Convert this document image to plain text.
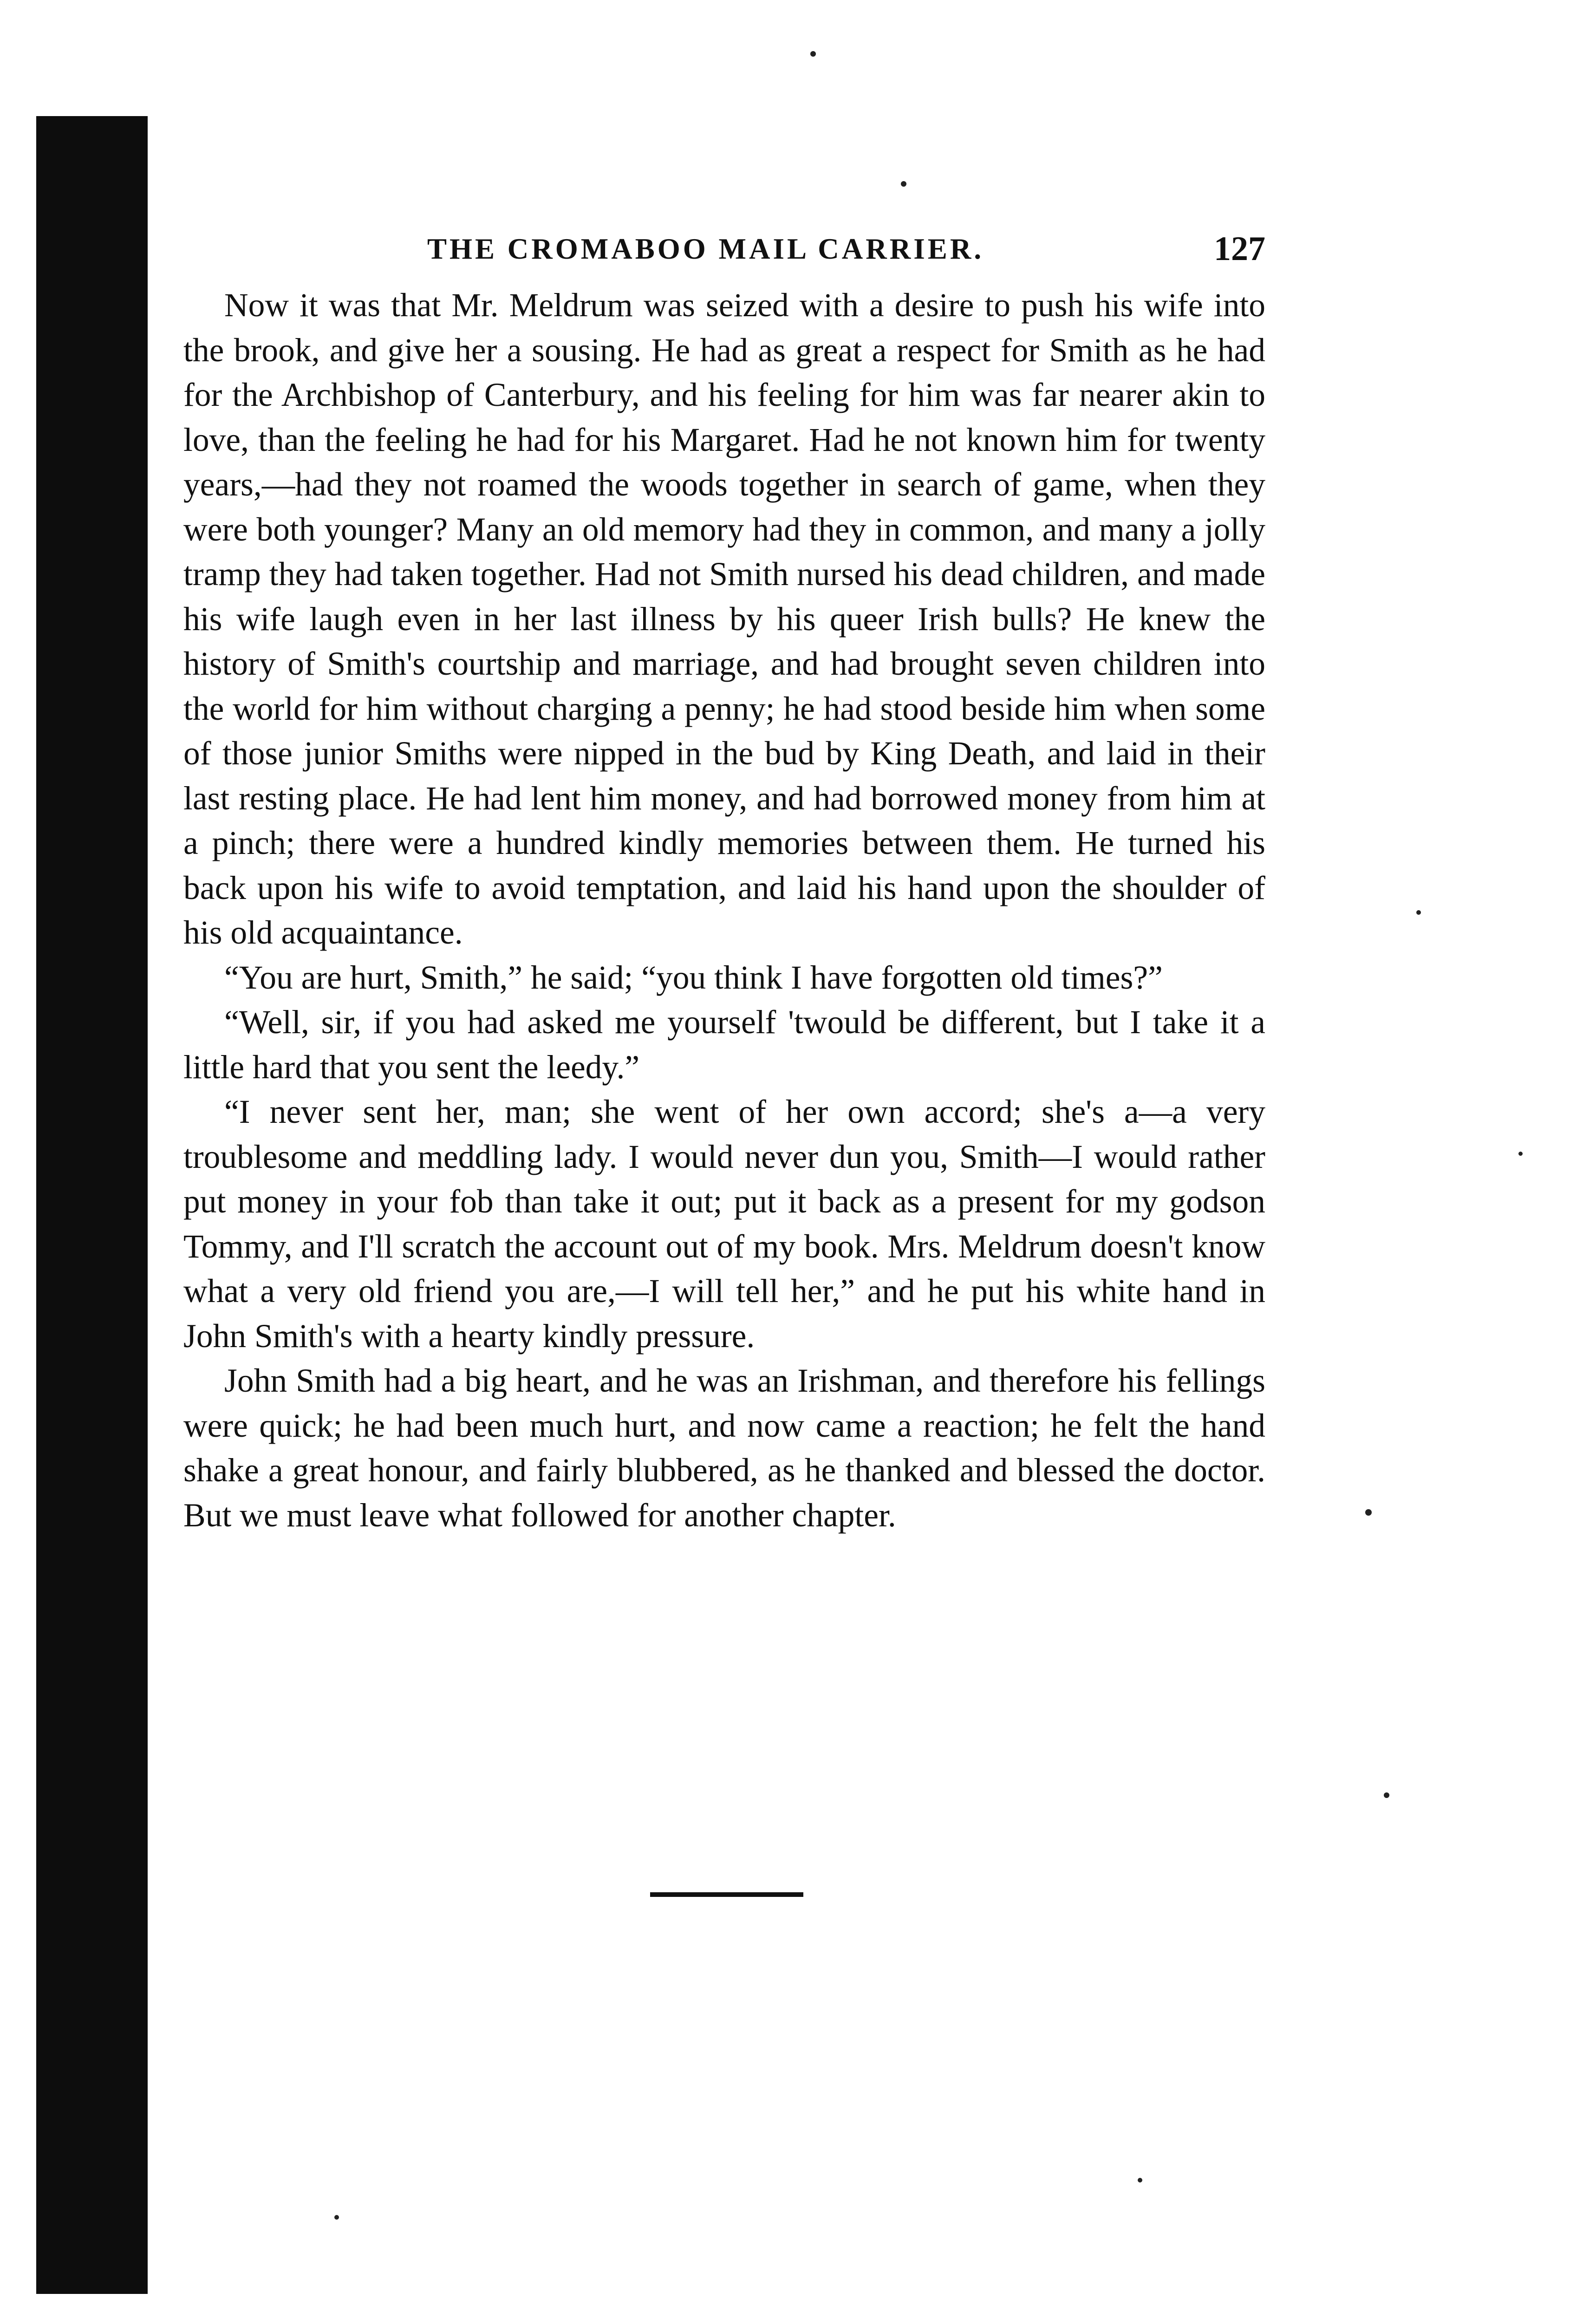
THE CROMABOO MAIL CARRIER.	127

Now it was that Mr. Meldrum was seized with a desire to push his wife into the brook, and give her a sousing. He had as great a respect for Smith as he had for the Archbishop of Canterbury, and his feeling for him was far nearer akin to love, than the feeling he had for his Margaret. Had he not known him for twenty years,—had they not roamed the woods together in search of game, when they were both younger? Many an old memory had they in common, and many a jolly tramp they had taken together. Had not Smith nursed his dead children, and made his wife laugh even in her last illness by his queer Irish bulls? He knew the history of Smith's courtship and marriage, and had brought seven children into the world for him without charging a penny; he had stood beside him when some of those junior Smiths were nipped in the bud by King Death, and laid in their last resting place. He had lent him money, and had borrowed money from him at a pinch; there were a hundred kindly memories between them. He turned his back upon his wife to avoid temptation, and laid his hand upon the shoulder of his old acquaintance.

“You are hurt, Smith,” he said; “you think I have forgotten old times?”

“Well, sir, if you had asked me yourself 'twould be different, but I take it a little hard that you sent the leedy.”

“I never sent her, man; she went of her own accord; she's a—a very troublesome and meddling lady. I would never dun you, Smith—I would rather put money in your fob than take it out; put it back as a present for my godson Tommy, and I'll scratch the account out of my book. Mrs. Meldrum doesn't know what a very old friend you are,—I will tell her,” and he put his white hand in John Smith's with a hearty kindly pressure.

John Smith had a big heart, and he was an Irishman, and therefore his fellings were quick; he had been much hurt, and now came a reaction; he felt the hand shake a great honour, and fairly blubbered, as he thanked and blessed the doctor. But we must leave what followed for another chapter.
